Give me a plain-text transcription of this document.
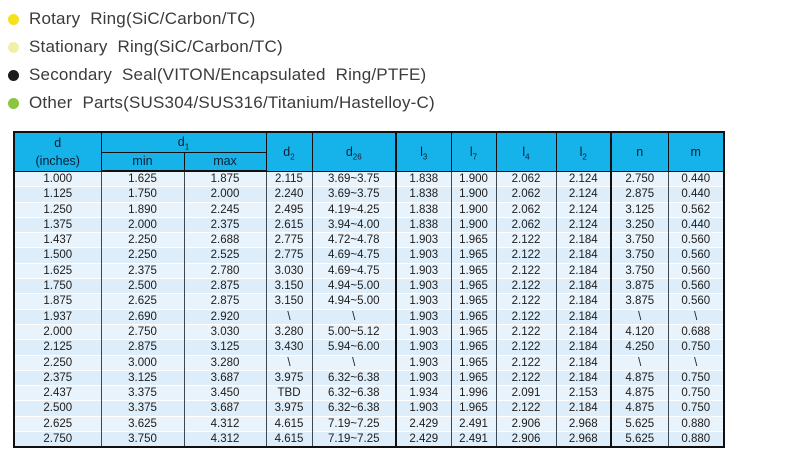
Rotary Ring(SiC/Carbon/TC)
Stationary Ring(SiC/Carbon/TC)
Secondary Seal(VITON/Encapsulated Ring/PTFE)
Other Parts(SUS304/SUS316/Titanium/Hastelloy-C)
d
(inches)	$d_1$		$d_2$	$d_{26}$	$l_3$	$l_7$	$l_4$	$l_2$	n	m
	min	max								
1.000	1.625	1.875	2.115	3.69~3.75	1.838	1.900	2.062	2.124	2.750	0.440
1.125	1.750	2.000	2.240	3.69~3.75	1.838	1.900	2.062	2.124	2.875	0.440
1.250	1.890	2.245	2.495	4.19~4.25	1.838	1.900	2.062	2.124	3.125	0.562
1.375	2.000	2.375	2.615	3.94~4.00	1.838	1.900	2.062	2.124	3.250	0.440
1.437	2.250	2.688	2.775	4.72~4.78	1.903	1.965	2.122	2.184	3.750	0.560
1.500	2.250	2.525	2.775	4.69~4.75	1.903	1.965	2.122	2.184	3.750	0.560
1.625	2.375	2.780	3.030	4.69~4.75	1.903	1.965	2.122	2.184	3.750	0.560
1.750	2.500	2.875	3.150	4.94~5.00	1.903	1.965	2.122	2.184	3.875	0.560
1.875	2.625	2.875	3.150	4.94~5.00	1.903	1.965	2.122	2.184	3.875	0.560
1.937	2.690	2.920	\	\	1.903	1.965	2.122	2.184	\	\
2.000	2.750	3.030	3.280	5.00~5.12	1.903	1.965	2.122	2.184	4.120	0.688
2.125	2.875	3.125	3.430	5.94~6.00	1.903	1.965	2.122	2.184	4.250	0.750
2.250	3.000	3.280	\	\	1.903	1.965	2.122	2.184	\	\
2.375	3.125	3.687	3.975	6.32~6.38	1.903	1.965	2.122	2.184	4.875	0.750
2.437	3.375	3.450	TBD	6.32~6.38	1.934	1.996	2.091	2.153	4.875	0.750
2.500	3.375	3.687	3.975	6.32~6.38	1.903	1.965	2.122	2.184	4.875	0.750
2.625	3.625	4.312	4.615	7.19~7.25	2.429	2.491	2.906	2.968	5.625	0.880
2.750	3.750	4.312	4.615	7.19~7.25	2.429	2.491	2.906	2.968	5.625	0.880
